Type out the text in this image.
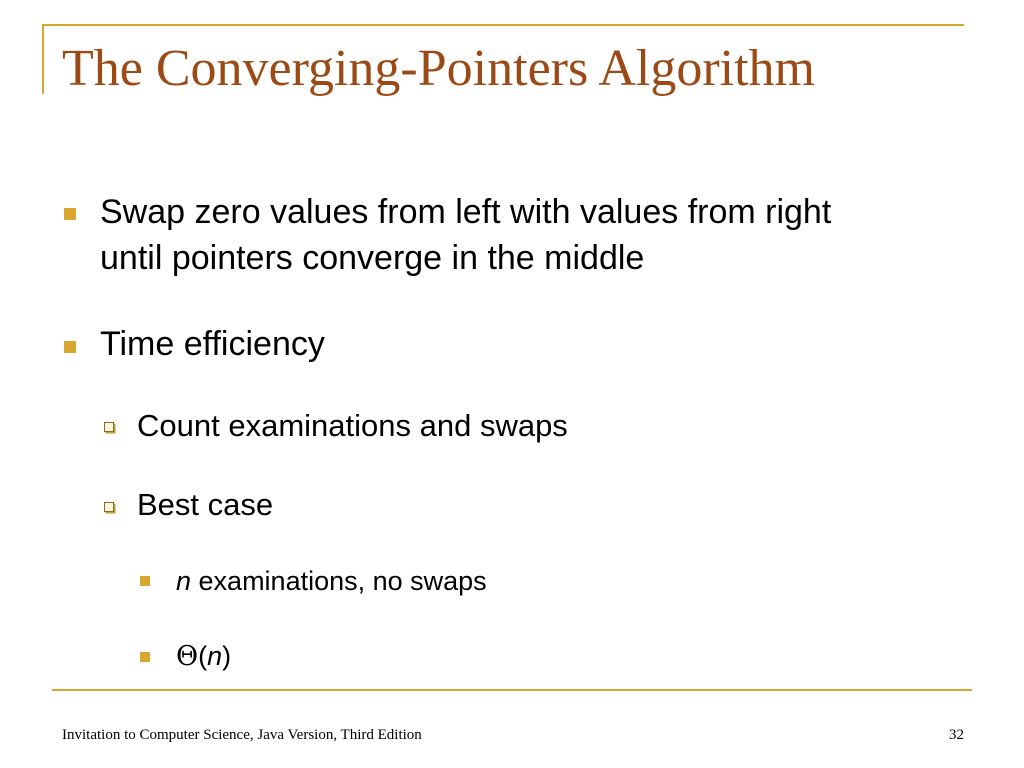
The Converging-Pointers Algorithm
Swap zero values from left with values from right
until pointers converge in the middle
Time efficiency
Count examinations and swaps
Best case
n examinations, no swaps
Θ(n)
Invitation to Computer Science, Java Version, Third Edition	32
